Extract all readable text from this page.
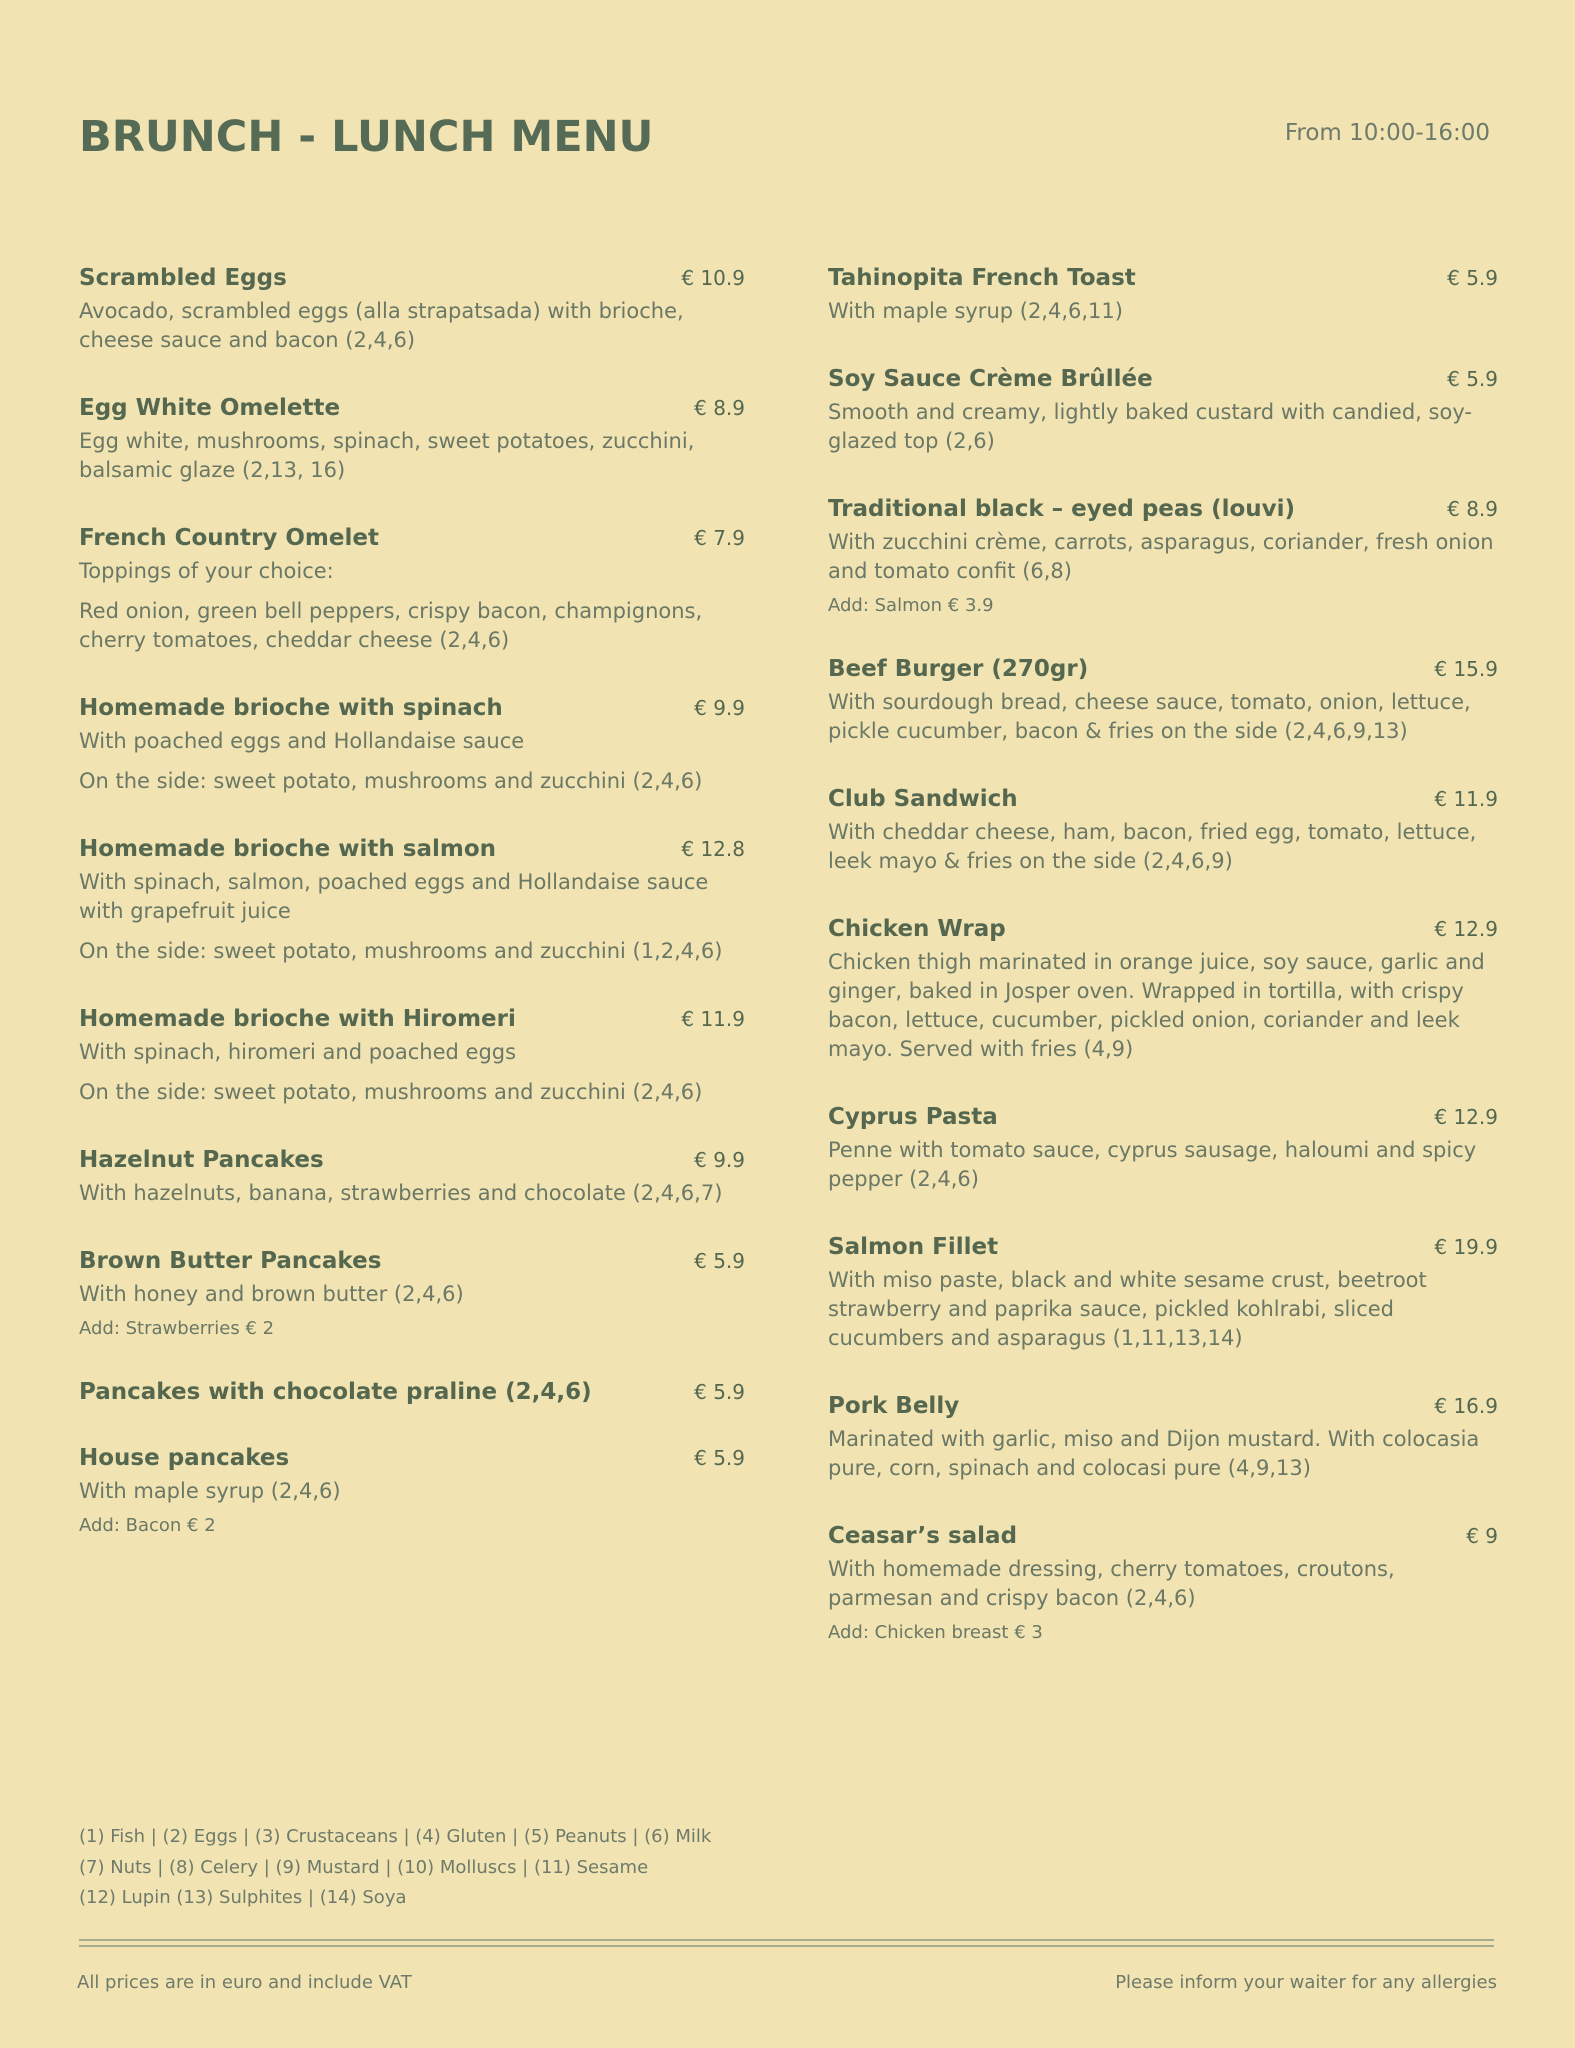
BRUNCH - LUNCH MENU	From 10:00-16:00
Scrambled Eggs	€ 10.9
Avocado, scrambled eggs (alla strapatsada) with brioche, cheese sauce and bacon (2,4,6)
Egg White Omelette	€ 8.9
Egg white, mushrooms, spinach, sweet potatoes, zucchini, balsamic glaze (2,13, 16)
French Country Omelet	€ 7.9
Toppings of your choice:
Red onion, green bell peppers, crispy bacon, champignons, cherry tomatoes, cheddar cheese (2,4,6)
Homemade brioche with spinach	€ 9.9
With poached eggs and Hollandaise sauce
On the side: sweet potato, mushrooms and zucchini (2,4,6)
Homemade brioche with salmon	€ 12.8
With spinach, salmon, poached eggs and Hollandaise sauce with grapefruit juice
On the side: sweet potato, mushrooms and zucchini (1,2,4,6)
Homemade brioche with Hiromeri	€ 11.9
With spinach, hiromeri and poached eggs
On the side: sweet potato, mushrooms and zucchini (2,4,6)
Hazelnut Pancakes	€ 9.9
With hazelnuts, banana, strawberries and chocolate (2,4,6,7)
Brown Butter Pancakes	€ 5.9
With honey and brown butter (2,4,6)
Add: Strawberries € 2
Pancakes with chocolate praline (2,4,6)	€ 5.9
House pancakes	€ 5.9
With maple syrup (2,4,6)
Add: Bacon € 2
Tahinopita French Toast	€ 5.9
With maple syrup (2,4,6,11)
Soy Sauce Crème Brûllée	€ 5.9
Smooth and creamy, lightly baked custard with candied, soy-glazed top (2,6)
Traditional black – eyed peas (louvi)	€ 8.9
With zucchini crème, carrots, asparagus, coriander, fresh onion and tomato confit (6,8)
Add: Salmon € 3.9
Beef Burger (270gr)	€ 15.9
With sourdough bread, cheese sauce, tomato, onion, lettuce, pickle cucumber, bacon & fries on the side (2,4,6,9,13)
Club Sandwich	€ 11.9
With cheddar cheese, ham, bacon, fried egg, tomato, lettuce, leek mayo & fries on the side (2,4,6,9)
Chicken Wrap	€ 12.9
Chicken thigh marinated in orange juice, soy sauce, garlic and ginger, baked in Josper oven. Wrapped in tortilla, with crispy bacon, lettuce, cucumber, pickled onion, coriander and leek mayo. Served with fries (4,9)
Cyprus Pasta	€ 12.9
Penne with tomato sauce, cyprus sausage, haloumi and spicy pepper (2,4,6)
Salmon Fillet	€ 19.9
With miso paste, black and white sesame crust, beetroot strawberry and paprika sauce, pickled kohlrabi, sliced cucumbers and asparagus (1,11,13,14)
Pork Belly	€ 16.9
Marinated with garlic, miso and Dijon mustard. With colocasia pure, corn, spinach and colocasi pure (4,9,13)
Ceasar’s salad	€ 9
With homemade dressing, cherry tomatoes, croutons, parmesan and crispy bacon (2,4,6)
Add: Chicken breast € 3
(1) Fish | (2) Eggs | (3) Crustaceans | (4) Gluten | (5) Peanuts | (6) Milk
(7) Nuts | (8) Celery | (9) Mustard | (10) Molluscs | (11) Sesame
(12) Lupin (13) Sulphites | (14) Soya
All prices are in euro and include VAT	Please inform your waiter for any allergies
